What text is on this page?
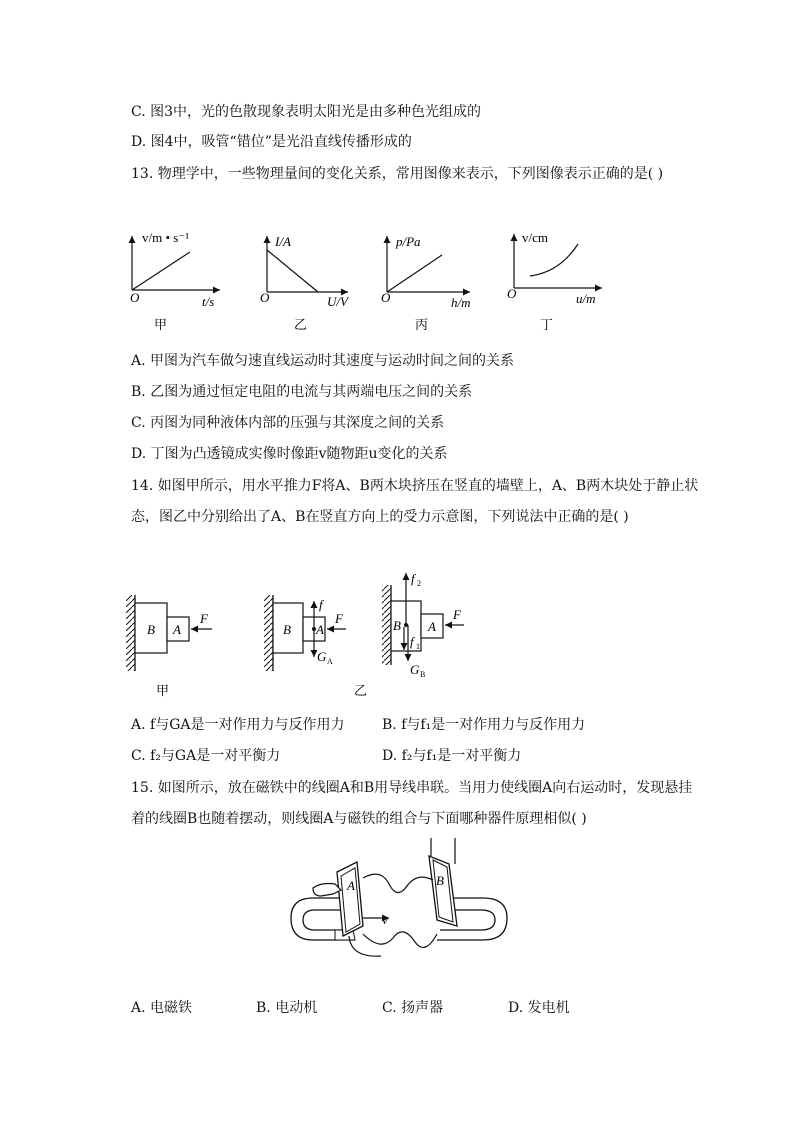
C. 图3中，光的色散现象表明太阳光是由多种色光组成的
D. 图4中，吸管“错位”是光沿直线传播形成的
13. 物理学中，一些物理量间的变化关系，常用图像来表示，下列图像表示正确的是( )
v/m • s⁻¹
t/s
O
I/A
U/V
O
p/Pa
h/m
O
v/cm
u/m
O
甲	乙	丙	丁
A. 甲图为汽车做匀速直线运动时其速度与运动时间之间的关系
B. 乙图为通过恒定电阻的电流与其两端电压之间的关系
C. 丙图为同种液体内部的压强与其深度之间的关系
D. 丁图为凸透镜成实像时像距v随物距u变化的关系
14. 如图甲所示，用水平推力F将A、B两木块挤压在竖直的墙壁上，A、B两木块处于静止状
态，图乙中分别给出了A、B在竖直方向上的受力示意图，下列说法中正确的是( )
B A
F
B A
f
F
G A
B A
F
f 2
f 1
G B
甲	乙
A. f与GA是一对作用力与反作用力	B. f与f₁是一对作用力与反作用力
C. f₂与GA是一对平衡力	D. f₂与f₁是一对平衡力
15. 如图所示，放在磁铁中的线圈A和B用导线串联。当用力使线圈A向右运动时，发现悬挂
着的线圈B也随着摆动，则线圈A与磁铁的组合与下面哪种器件原理相似( )
A
v
B
A. 电磁铁	B. 电动机	C. 扬声器	D. 发电机
